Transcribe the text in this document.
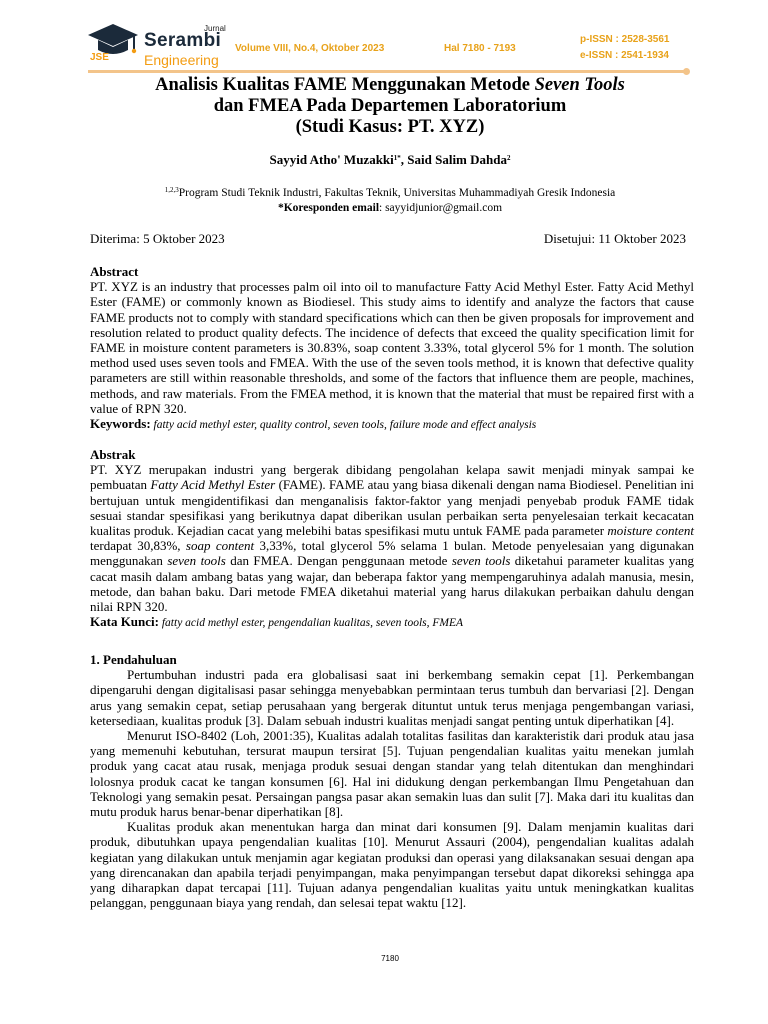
JSE
Jurnal
Serambi
Engineering
Volume VIII, No.4, Oktober 2023	Hal 7180 - 7193
p-ISSN : 2528-3561
e-ISSN : 2541-1934
Analisis Kualitas FAME Menggunakan Metode Seven Tools
dan FMEA Pada Departemen Laboratorium
(Studi Kasus: PT. XYZ)
Sayyid Atho' Muzakki$^{1*}$, Said Salim Dahda$^2$
$^{1,2,3}$Program Studi Teknik Industri, Fakultas Teknik, Universitas Muhammadiyah Gresik Indonesia
*Koresponden email: sayyidjunior@gmail.com
Diterima: 5 Oktober 2023	Disetujui: 11 Oktober 2023
Abstract

PT. XYZ is an industry that processes palm oil into oil to manufacture Fatty Acid Methyl Ester. Fatty Acid Methyl Ester (FAME) or commonly known as Biodiesel. This study aims to identify and analyze the factors that cause FAME products not to comply with standard specifications which can then be given proposals for improvement and resolution related to product quality defects. The incidence of defects that exceed the quality specification limit for FAME in moisture content parameters is 30.83%, soap content 3.33%, total glycerol 5% for 1 month. The solution method used uses seven tools and FMEA. With the use of the seven tools method, it is known that defective quality parameters are still within reasonable thresholds, and some of the factors that influence them are people, machines, methods, and raw materials. From the FMEA method, it is known that the material that must be repaired first with a value of RPN 320.

Keywords: fatty acid methyl ester, quality control, seven tools, failure mode and effect analysis

Abstrak

PT. XYZ merupakan industri yang bergerak dibidang pengolahan kelapa sawit menjadi minyak sampai ke pembuatan Fatty Acid Methyl Ester (FAME). FAME atau yang biasa dikenali dengan nama Biodiesel. Penelitian ini bertujuan untuk mengidentifikasi dan menganalisis faktor-faktor yang menjadi penyebab produk FAME tidak sesuai standar spesifikasi yang berikutnya dapat diberikan usulan perbaikan serta penyelesaian terkait kecacatan kualitas produk. Kejadian cacat yang melebihi batas spesifikasi mutu untuk FAME pada parameter moisture content terdapat 30,83%, soap content 3,33%, total glycerol 5% selama 1 bulan. Metode penyelesaian yang digunakan menggunakan seven tools dan FMEA. Dengan penggunaan metode seven tools diketahui parameter kualitas yang cacat masih dalam ambang batas yang wajar, dan beberapa faktor yang mempengaruhinya adalah manusia, mesin, metode, dan bahan baku. Dari metode FMEA diketahui material yang harus dilakukan perbaikan dahulu dengan nilai RPN 320.

Kata Kunci: fatty acid methyl ester, pengendalian kualitas, seven tools, FMEA

1. Pendahuluan

Pertumbuhan industri pada era globalisasi saat ini berkembang semakin cepat [1]. Perkembangan dipengaruhi dengan digitalisasi pasar sehingga menyebabkan permintaan terus tumbuh dan bervariasi [2]. Dengan arus yang semakin cepat, setiap perusahaan yang bergerak dituntut untuk terus menjaga pengembangan variasi, ketersediaan, kualitas produk [3]. Dalam sebuah industri kualitas menjadi sangat penting untuk diperhatikan [4].

Menurut ISO-8402 (Loh, 2001:35), Kualitas adalah totalitas fasilitas dan karakteristik dari produk atau jasa yang memenuhi kebutuhan, tersurat maupun tersirat [5]. Tujuan pengendalian kualitas yaitu menekan jumlah produk yang cacat atau rusak, menjaga produk sesuai dengan standar yang telah ditentukan dan menghindari lolosnya produk cacat ke tangan konsumen [6]. Hal ini didukung dengan perkembangan Ilmu Pengetahuan dan Teknologi yang semakin pesat. Persaingan pangsa pasar akan semakin luas dan sulit [7]. Maka dari itu kualitas dan mutu produk harus benar-benar diperhatikan [8].

Kualitas produk akan menentukan harga dan minat dari konsumen [9]. Dalam menjamin kualitas dari produk, dibutuhkan upaya pengendalian kualitas [10]. Menurut Assauri (2004), pengendalian kualitas adalah kegiatan yang dilakukan untuk menjamin agar kegiatan produksi dan operasi yang dilaksanakan sesuai dengan apa yang direncanakan dan apabila terjadi penyimpangan, maka penyimpangan tersebut dapat dikoreksi sehingga apa yang diharapkan dapat tercapai [11]. Tujuan adanya pengendalian kualitas yaitu untuk meningkatkan kualitas pelanggan, penggunaan biaya yang rendah, dan selesai tepat waktu [12].

7180
